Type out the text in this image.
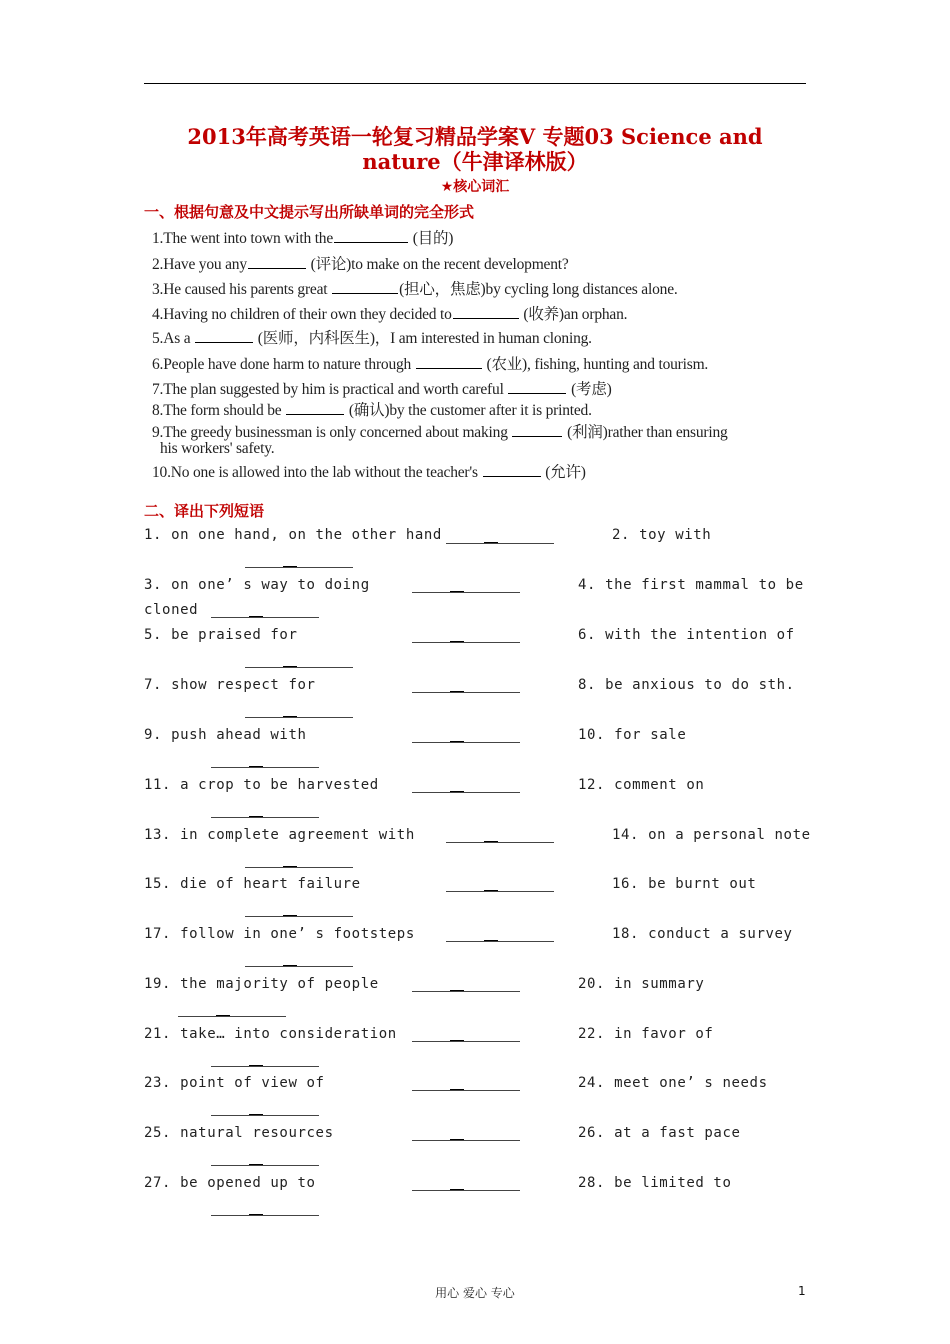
2013年高考英语一轮复习精品学案Ⅴ 专题03 Science and
nature（牛津译林版）
★核心词汇
一、根据句意及中文提示写出所缺单词的完全形式
1.The went into town with the	(目的)
2.Have you any	(评论)to make on the recent development?
3.He caused his parents great	(担心，焦虑)by cycling long distances alone.
4.Having no children of their own they decided to	(收养)an orphan.
5.As a	(医师，内科医生)，I am interested in human cloning.
6.People have done harm to nature through	(农业), fishing, hunting and tourism.
7.The plan suggested by him is practical and worth careful	(考虑)
8.The form should be	(确认)by the customer after it is printed.
9.The greedy businessman is only concerned about making	(利润)rather than ensuring
his workers' safety.
10.No one is allowed into the lab without the teacher's	(允许)
二、译出下列短语
1. on one hand, on the other hand	2. toy with
3. on one’ s way to doing	4. the first mammal to be
cloned
5. be praised for	6. with the intention of
7. show respect for	8. be anxious to do sth.
9. push ahead with	10. for sale
11. a crop to be harvested	12. comment on
13. in complete agreement with	14. on a personal note
15. die of heart failure	16. be burnt out
17. follow in one’ s footsteps	18. conduct a survey
19. the majority of people	20. in summary
21. take… into consideration	22. in favor of
23. point of view of	24. meet one’ s needs
25. natural resources	26. at a fast pace
27. be opened up to	28. be limited to
用心 爱心 专心	1
